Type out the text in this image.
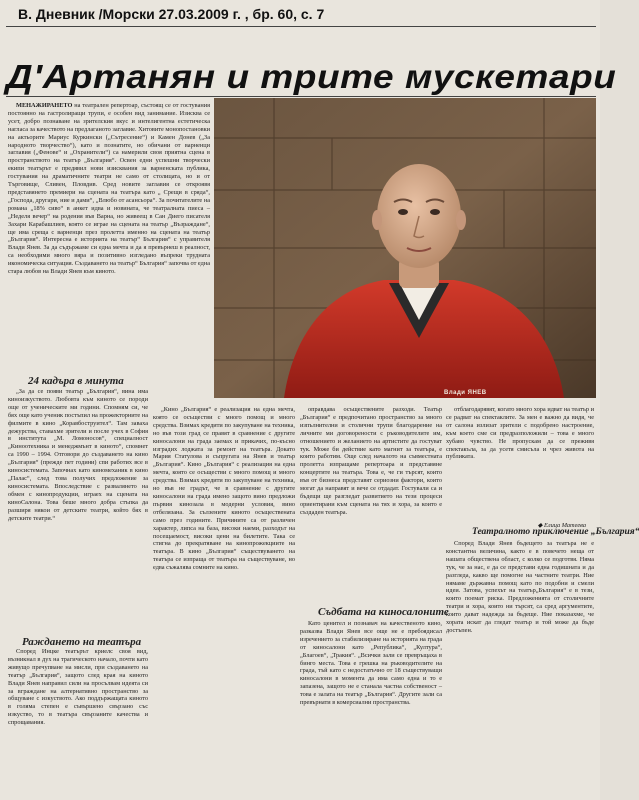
В. Дневник /Морски 27.03.2009 г. , бр. 60, с. 7
Д'Артанян и трите мускетари
Влади ЯНЕВ

МЕНАЖИРАНЕТО на театрален репертоар, състоящ се от гостувания постоянно на гастролиращи трупи, е особен вид занимание. Изисква се усет, добро познаване на зрителския вкус и интелигентна естетическа нагласа за качеството на предлаганото заглавие. Хитовите монопостановки на актьорите Мариус Куркински („Сътресение“) и Камен Донев („За народното творчество“), като и познатите, но обичани от варненци заглавия („Фенове“ и „Охранители“) са намерили своя приятна сцена в пространството на театър „България“. Освен едни успешни творчески екипи театърът е предявил нови изисквания за варненската публика, гостувания на драматичните театри не само от столицата, но и от Търговище, Сливен, Пловдив. Сред новите заглавия се откроявя представянето премиери на сцената на театъра като „ Срещи в сряда“, „Господа, другари, ние и дами“, „Влюбо от асансьора“. За почитателите на романа „18% сиво“ в анкет идва и новината, че театралната пиеса – „Неделя вечер“ на родения във Варна, но живеещ в Сан Диего писателя Захари Карабашлиев, която се играе на сцената на театър „Възраждане“, ще има среща с варненци през пролетта именно на сцената на театър „България“. Интересна е историята на театър“ България“ с управителя Влади Янев. За да съдържаме си една мечта и да я превърнеш в реалност, са необходими много вяра и позитивно изгледано въпреки трудната икономическа ситуация. Създаването на театър“ България“ започва от една стара любов на Влади Янев към киното.

24 кадъра в минута

„За да се появи театър „България“, вина има киноизкуството. Любовта към киното се породи още от ученическите ми години. Спомням си, че бях още като ученик постъпил на прожекторните на филмите в кино „Коравбоструител“. Там заваха дежурства, ставахме зрители и после учех в София в института „М. Ломоносов“, специалност „Киноотехника и менеджмънт в киното“, спомнет са 1990 – 1994. Отговори до създаването на кино „България“ (прежде пет години) спи работих все в киносистемата. Започнах като киномеханик в кино „Палас“, след това получих предложение за киносистемата. Впоследствие с развалянето на обмен с кинопродукции, играех на сцената на киноСалона. Това беше много добра стъпка да разширя някои от детските театри, който бях в детските театри.“

Раждането на театъра

Според Инцке театърът криелс своя вид, възникнал в дух на трагическото начало, почти като живущо пречупване на мисли, при създаването на театър „България“, защото след края на киното Влади Янев направил сили на просълвам идеята си за вграждане на алтернативно пространство за общуване с изкуството. Ако поддържащата киното в голяма степен е съвършено свързано със изкуство, то в театъра свързаните качества и спрощавания.

„Кино „България“ е реализация на една мечта, която се осъществи с много помощ и много средства. Взимах кредити по закупуване на техника, но във този град се правят в сравнение с другите киносалони на града заемах и прикачих, по-късно изградих лоджата за ремонт на театъра. Докато Мария Статулова и съпругата на Янев и театър „България“. Кино „България“ с реализация на една мечта, която се осъществи с много помощ и много средства. Взимах кредити по закупуване на техника, но във не градът, че в сравнение с другите киносалони на града имено защото вино предложи първия кинозала в модерни условия, вино отбелязана. За сълзените киното осъществената само през годините. Причините са от различен характер, липса на база, високи наеми, разходът на посещаемост, високи цени на билетите. Така се стигна до прекратяване на кинопрожекциите на театъра. В кино „България“ съществуването на театъра се изпраща от театъра на съществуване, но едва съжалява сомните на кино.

оправдава осъществените разходи. Театър „България“ е предпочитано пространство за много изпълнителни и столични трупи благодарение на личните ми договорености с ръководителите им, отношението и желанието на артистите да гостуват тук. Може би действие като магнит за театъра, е които работим. Още след началото на съвместната пролетта изпращаме репертоара и представяне концертите на театъра. Това е, че ги търсят, които във от бизнеса представят сериозни фактори, които могат да направят и вече се отдадат. Гостували са и бъдещи ще разгледат развитието на тези процеси ориентирани към сцената на тях и хора, за които е създаден театъра.

Съдбата на киносалоните

Като ценител и познавач на качественото кино, разказва Влади Янев все още не е пребоядисал изречението за стабилизиране на историята на града от киносалони като „Република“, „Култура“, „Благоев“, „Тракия“. „Всички зали се превръщаха в бинго места. Това е грешка на ръководителите на града, тъй като с недостатъчно от 18 съществуващи киносалони в момента да има само една и то е запазена, защото не е станала частна собственост – това е залата на театър „България“. Другите зали са превърнати в комерсиални пространства.

отблагодарявят, когато много хора идват на театър и се радват на спектаклите. За мен е важно да видя, че от салона излизат зрители с подобрено настроение, към което сме си предразположили – това е много хубаво чувство. Не пропускам да се преживя спектакъла, за да усетя смисъла и чрез живота на публиката.

◆ Елица Матеева
Театралното приключение „България“

Според Влади Янев бъдещето за театъра не е константна величина, както е в повечето неща от нашата обществена област, с колко се подготвя. Няма тук, че за нас, е да се представи една годишната и да разгледа, какво ще помогне на частните театри. Ние нямаме държавна помощ като по подобни и смели идеи. Затова, успехът на театър„България“ е в тези, които поемат риска. Предложенията от столичните театри и хора, които ни търсят, са сред аргументите, които дават надежда за бъдеще. Ние показахме, че хората искат да гледат театър и той може да бъде достъпен.
